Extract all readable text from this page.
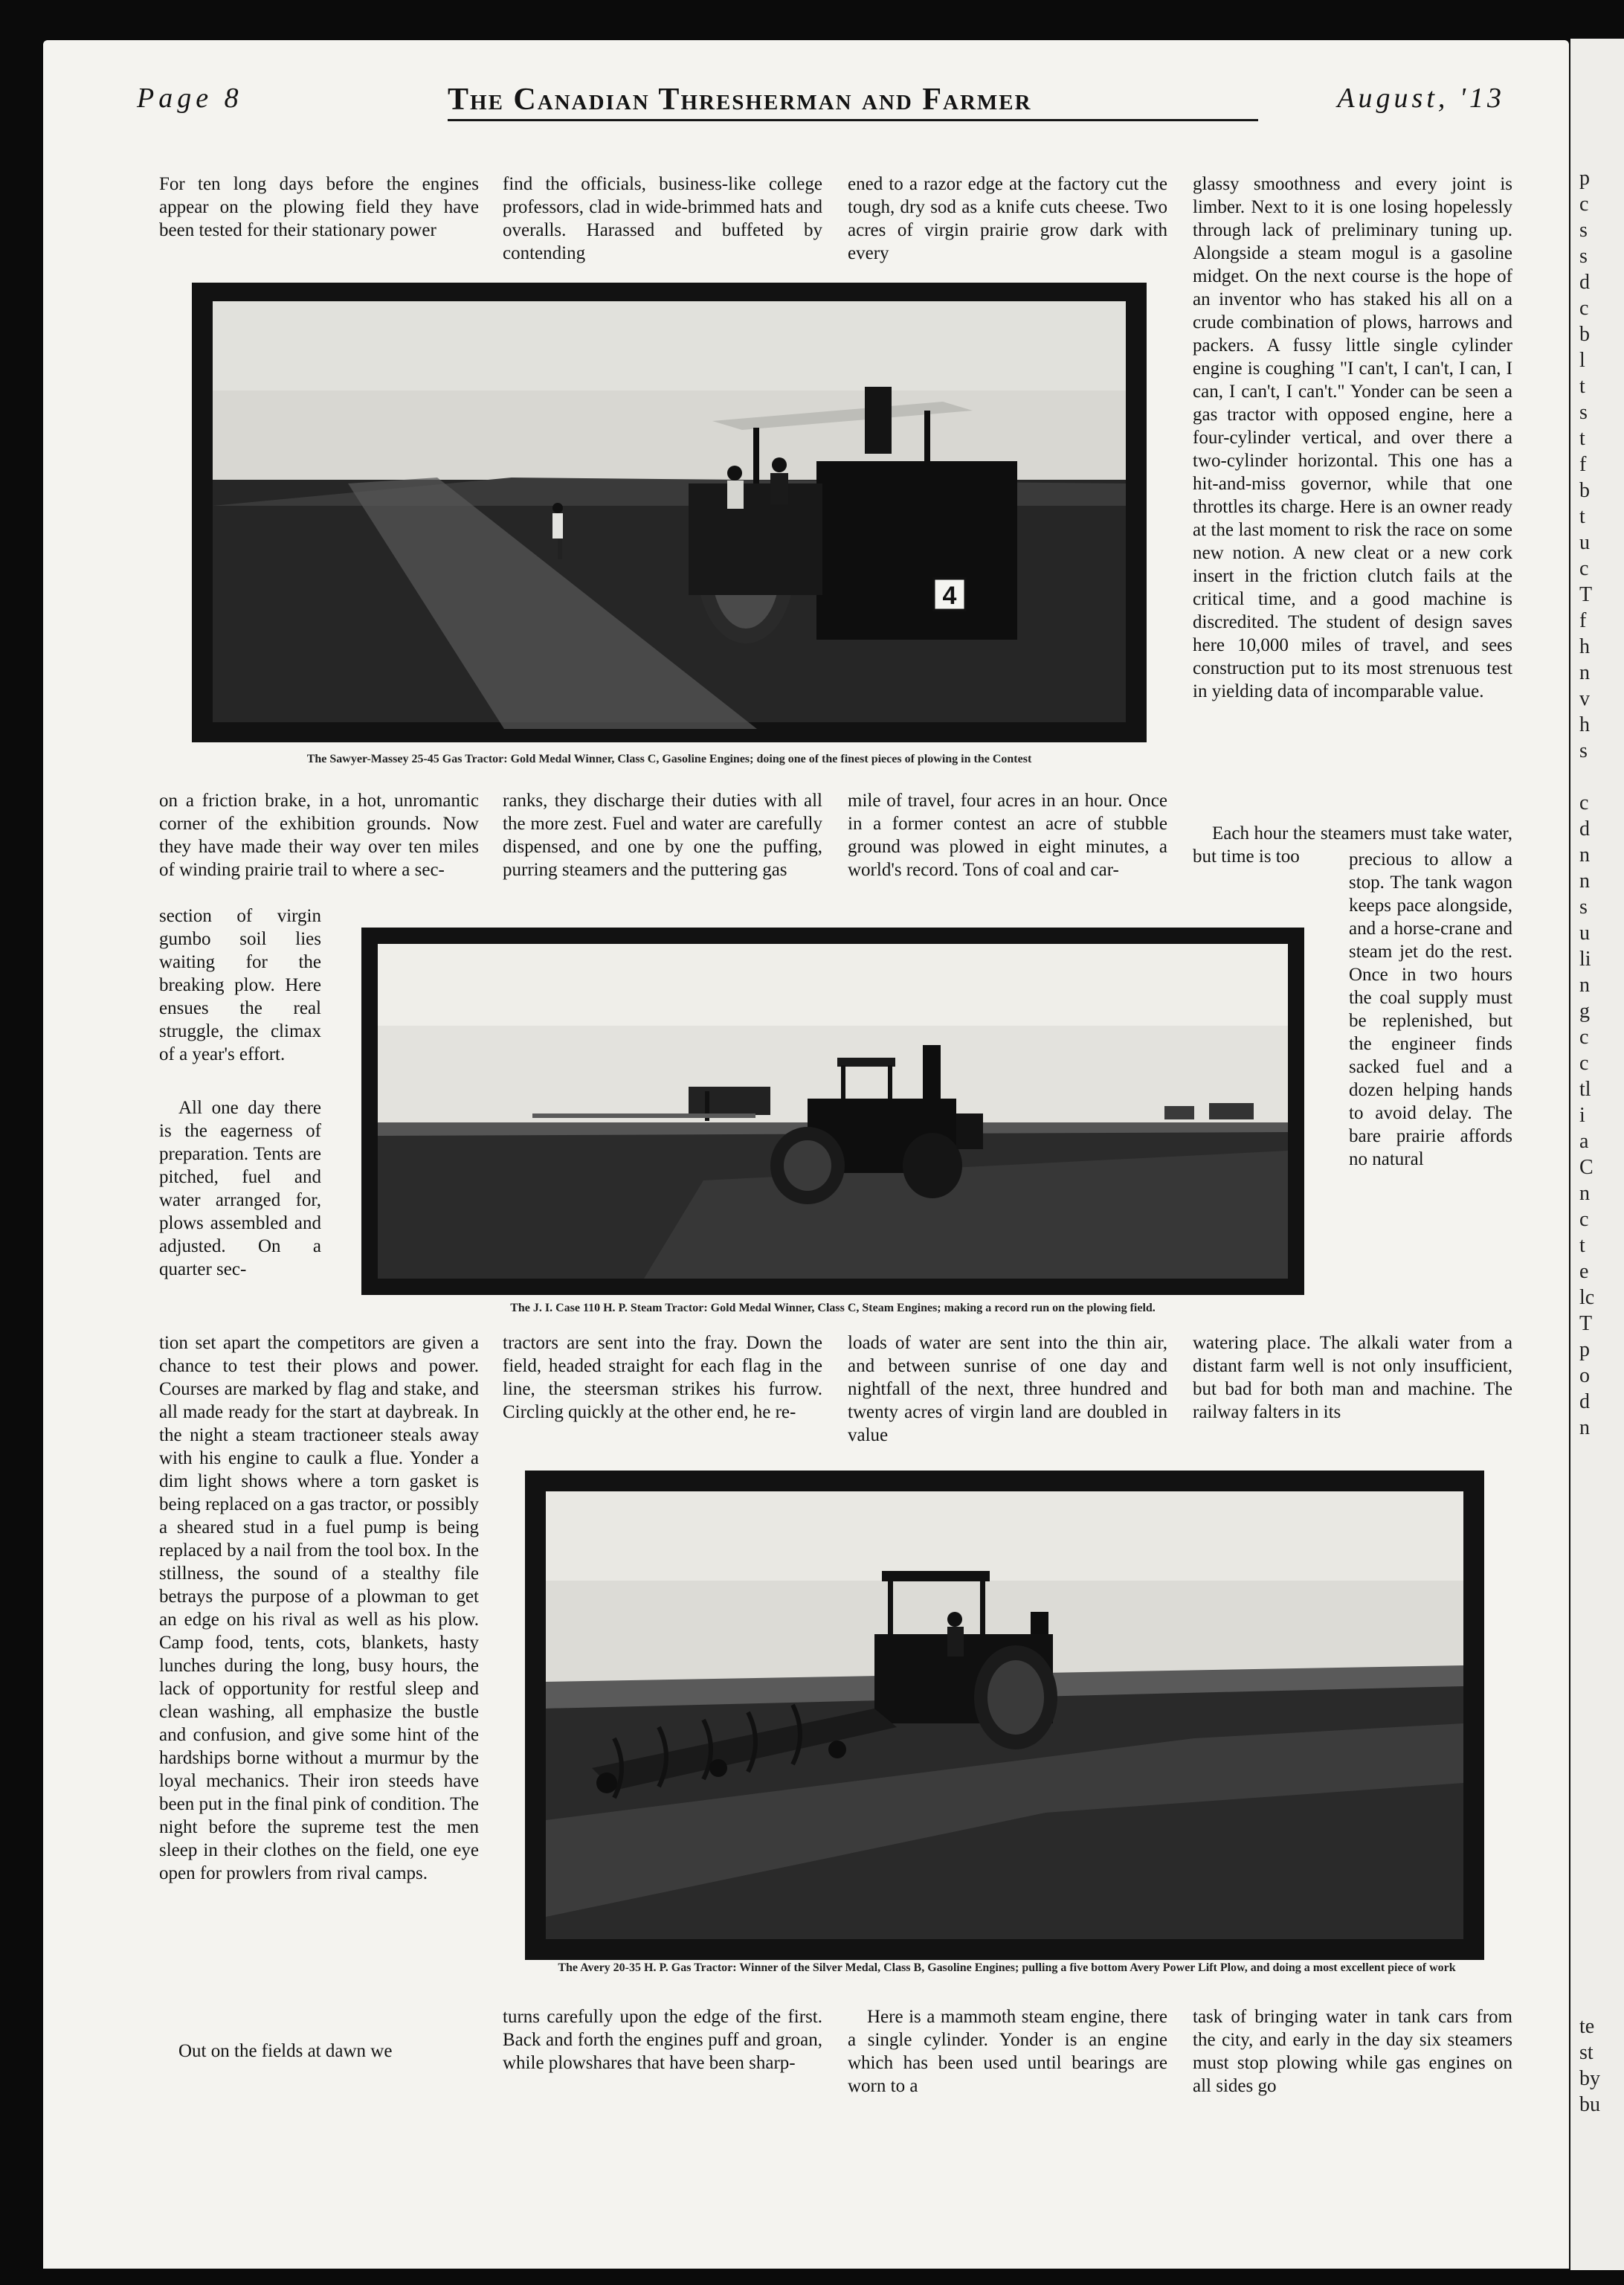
p
c
s
s
d
c
b
l
t
s
t
f
b
t
u
c
T
f
h
n
v
h
s

c
d
n
n
s
u
li
n
g
c
c
tl
i
a
C
n
c
t
e
lc
T
p
o
d
n
te
st
by
bu
Page 8	The Canadian Thresherman and Farmer	August, '13

For ten long days before the engines appear on the plowing field they have been tested for their stationary power

find the officials, business-like college professors, clad in wide-brimmed hats and overalls. Harassed and buffeted by contending

ened to a razor edge at the factory cut the tough, dry sod as a knife cuts cheese. Two acres of virgin prairie grow dark with every

glassy smoothness and every joint is limber. Next to it is one losing hopelessly through lack of preliminary tuning up. Alongside a steam mogul is a gasoline midget. On the next course is the hope of an inventor who has staked his all on a crude combination of plows, harrows and packers. A fussy little single cylinder engine is coughing "I can't, I can't, I can, I can, I can't, I can't." Yonder can be seen a gas tractor with opposed engine, here a four-cylinder vertical, and over there a two-cylinder horizontal. This one has a hit-and-miss governor, while that one throttles its charge. Here is an owner ready at the last moment to risk the race on some new notion. A new cleat or a new cork insert in the friction clutch fails at the critical time, and a good machine is discredited. The student of design saves here 10,000 miles of travel, and sees construction put to its most strenuous test in yielding data of incomparable value.

Each hour the steamers must take water, but time is too	precious to allow a stop. The tank wagon keeps pace alongside, and a horse-crane and steam jet do the rest. Once in two hours the coal supply must be replenished, but the engineer finds sacked fuel and a dozen helping hands to avoid delay. The bare prairie affords no natural

4
The Sawyer-Massey 25-45 Gas Tractor: Gold Medal Winner, Class C, Gasoline Engines; doing one of the finest pieces of plowing in the Contest

on a friction brake, in a hot, unromantic corner of the exhibition grounds. Now they have made their way over ten miles of winding prairie trail to where a sec-

section of virgin gumbo soil lies waiting for the breaking plow. Here ensues the real struggle, the climax of a year's effort.

All one day there is the eagerness of preparation. Tents are pitched, fuel and water arranged for, plows assembled and adjusted. On a quarter sec-

ranks, they discharge their duties with all the more zest. Fuel and water are carefully dispensed, and one by one the puffing, purring steamers and the puttering gas

mile of travel, four acres in an hour. Once in a former contest an acre of stubble ground was plowed in eight minutes, a world's record. Tons of coal and car-

The J. I. Case 110 H. P. Steam Tractor: Gold Medal Winner, Class C, Steam Engines; making a record run on the plowing field.

tion set apart the competitors are given a chance to test their plows and power. Courses are marked by flag and stake, and all made ready for the start at daybreak. In the night a steam tractioneer steals away with his engine to caulk a flue. Yonder a dim light shows where a torn gasket is being replaced on a gas tractor, or possibly a sheared stud in a fuel pump is being replaced by a nail from the tool box. In the stillness, the sound of a stealthy file betrays the purpose of a plowman to get an edge on his rival as well as his plow. Camp food, tents, cots, blankets, hasty lunches during the long, busy hours, the lack of opportunity for restful sleep and clean washing, all emphasize the bustle and confusion, and give some hint of the hardships borne without a murmur by the loyal mechanics. Their iron steeds have been put in the final pink of condition. The night before the supreme test the men sleep in their clothes on the field, one eye open for prowlers from rival camps.

Out on the fields at dawn we

tractors are sent into the fray. Down the field, headed straight for each flag in the line, the steersman strikes his furrow. Circling quickly at the other end, he re-

loads of water are sent into the thin air, and between sunrise of one day and nightfall of the next, three hundred and twenty acres of virgin land are doubled in value

watering place. The alkali water from a distant farm well is not only insufficient, but bad for both man and machine. The railway falters in its

The Avery 20-35 H. P. Gas Tractor: Winner of the Silver Medal, Class B, Gasoline Engines; pulling a five bottom Avery Power Lift Plow, and doing a most excellent piece of work

turns carefully upon the edge of the first. Back and forth the engines puff and groan, while plowshares that have been sharp-

Here is a mammoth steam engine, there a single cylinder. Yonder is an engine which has been used until bearings are worn to a

task of bringing water in tank cars from the city, and early in the day six steamers must stop plowing while gas engines on all sides go
